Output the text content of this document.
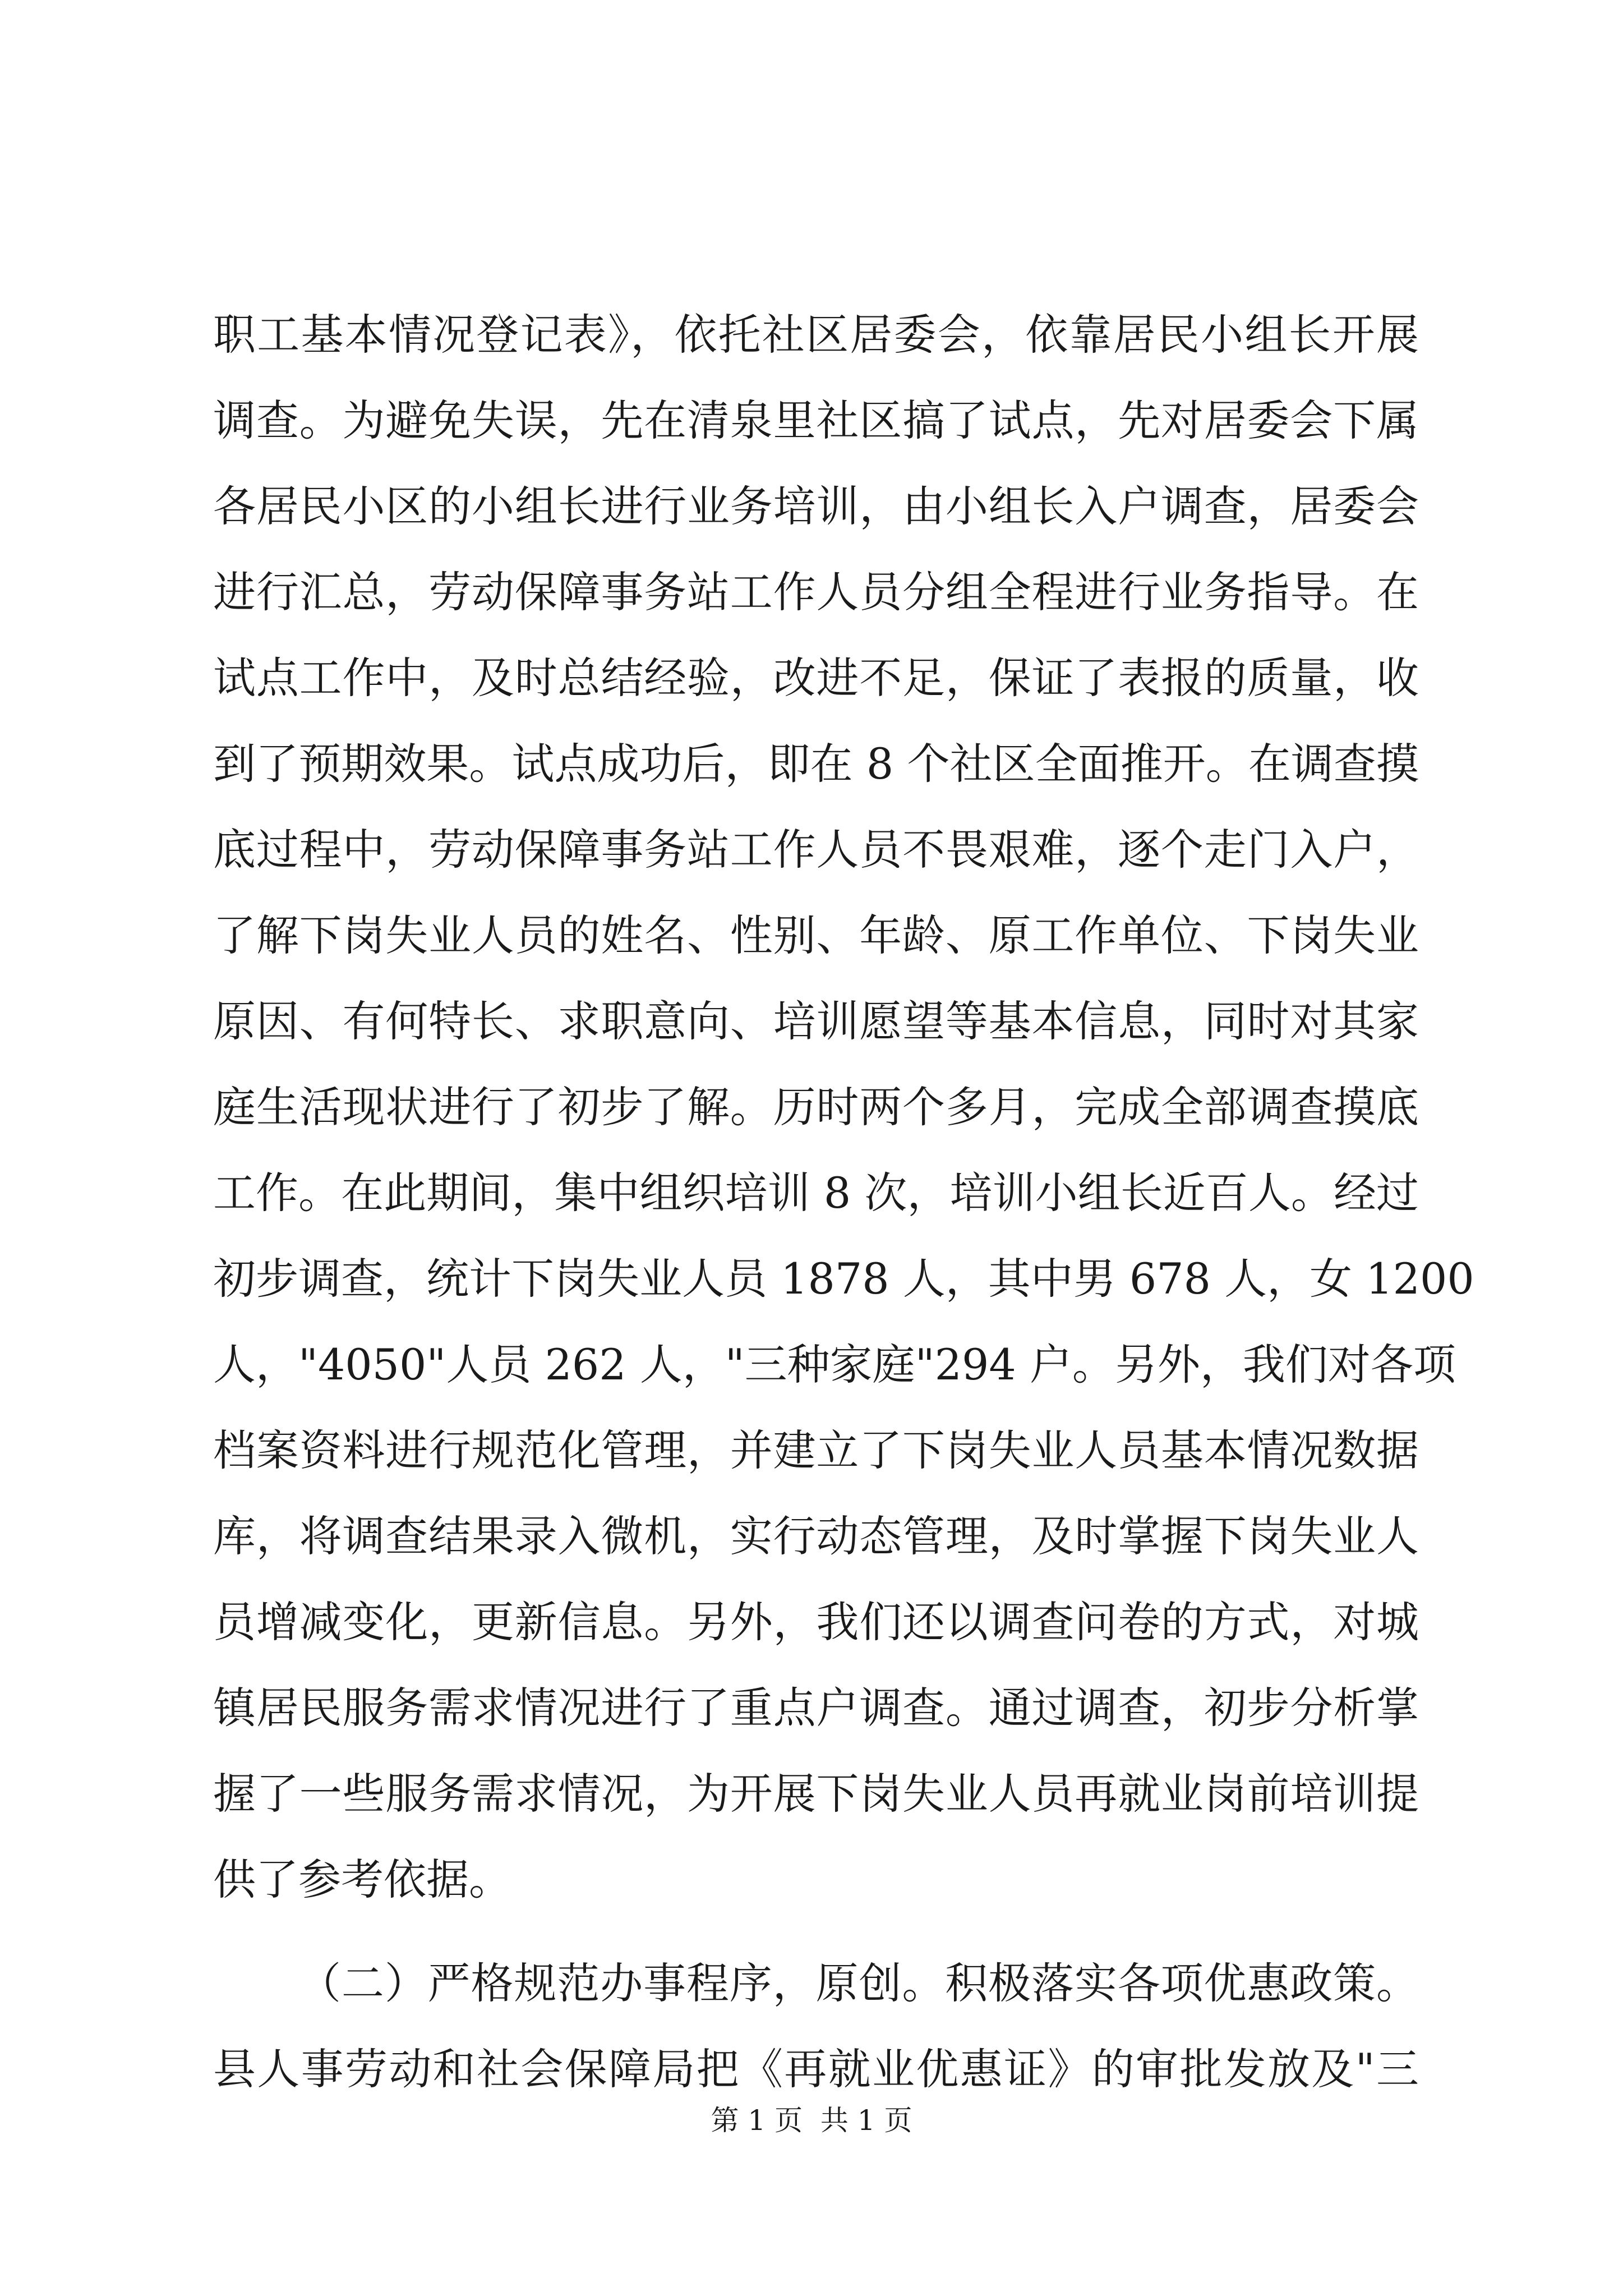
职工基本情况登记表》，依托社区居委会，依靠居民小组长开展
调查。为避免失误，先在清泉里社区搞了试点，先对居委会下属
各居民小区的小组长进行业务培训，由小组长入户调查，居委会
进行汇总，劳动保障事务站工作人员分组全程进行业务指导。在
试点工作中，及时总结经验，改进不足，保证了表报的质量，收
到了预期效果。试点成功后，即在 8 个社区全面推开。在调查摸
底过程中，劳动保障事务站工作人员不畏艰难，逐个走门入户，
了解下岗失业人员的姓名、性别、年龄、原工作单位、下岗失业
原因、有何特长、求职意向、培训愿望等基本信息，同时对其家
庭生活现状进行了初步了解。历时两个多月，完成全部调查摸底
工作。在此期间，集中组织培训 8 次，培训小组长近百人。经过
初步调查，统计下岗失业人员 1878 人，其中男 678 人，女 1200
人，"4050"人员 262 人，"三种家庭"294 户。另外，我们对各项
档案资料进行规范化管理，并建立了下岗失业人员基本情况数据
库，将调查结果录入微机，实行动态管理，及时掌握下岗失业人
员增减变化，更新信息。另外，我们还以调查问卷的方式，对城
镇居民服务需求情况进行了重点户调查。通过调查，初步分析掌
握了一些服务需求情况，为开展下岗失业人员再就业岗前培训提
供了参考依据。
（二）严格规范办事程序，原创。积极落实各项优惠政策。
县人事劳动和社会保障局把《再就业优惠证》的审批发放及"三
第 1 页  共 1 页
